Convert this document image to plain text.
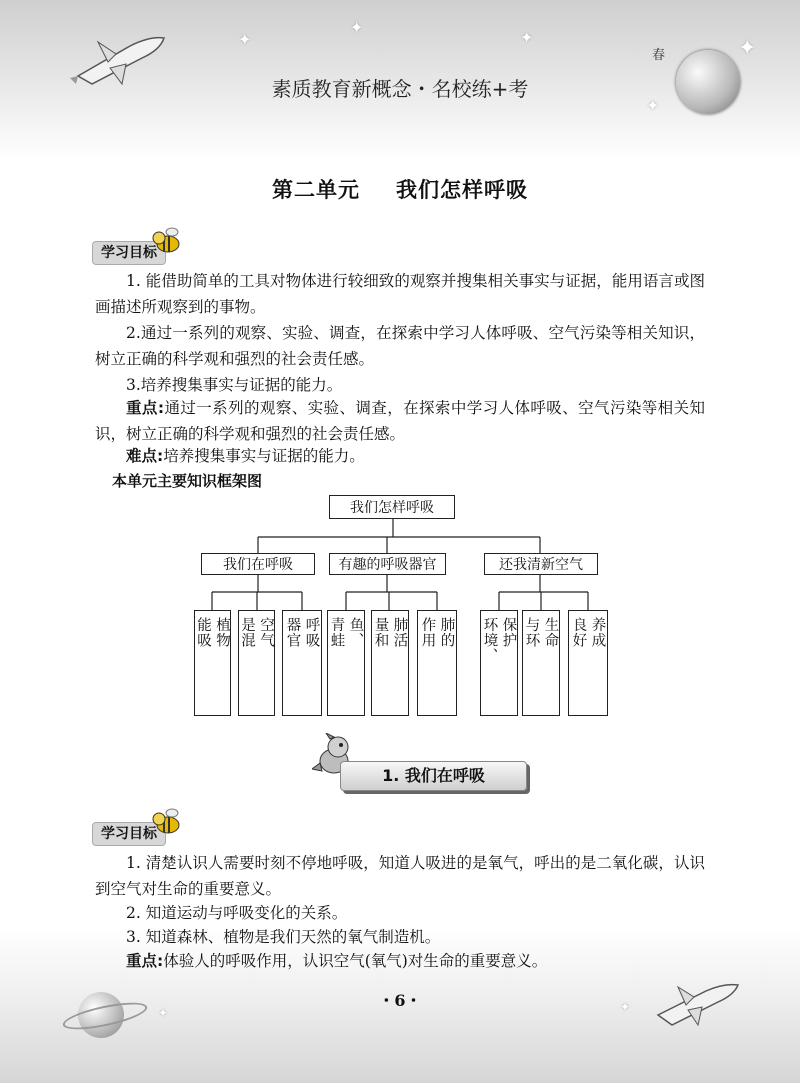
✦
✦
✦	✦
✦
春
素质教育新概念・名校练+考
第二单元 我们怎样呼吸
学习目标
1. 能借助简单的工具对物体进行较细致的观察并搜集相关事实与证据，能用语言或图画描述所观察到的事物。
2.通过一系列的观察、实验、调查，在探索中学习人体呼吸、空气污染等相关知识，树立正确的科学观和强烈的社会责任感。
3.培养搜集事实与证据的能力。
重点:通过一系列的观察、实验、调查，在探索中学习人体呼吸、空气污染等相关知识，树立正确的科学观和强烈的社会责任感。
难点:培养搜集事实与证据的能力。
本单元主要知识框架图
我们怎样呼吸
我们在呼吸	有趣的呼吸器官	还我清新空气
植物
能吸	空气
是混	呼吸
器官	鱼、
青蛙	肺活
量和	肺的
作用	保护
环境、	生命
与环	养成
良好
1. 我们在呼吸
学习目标
1. 清楚认识人需要时刻不停地呼吸，知道人吸进的是氧气，呼出的是二氧化碳，认识到空气对生命的重要意义。
2. 知道运动与呼吸变化的关系。
3. 知道森林、植物是我们天然的氧气制造机。
重点:体验人的呼吸作用，认识空气(氧气)对生命的重要意义。
✦	✦
・6・
